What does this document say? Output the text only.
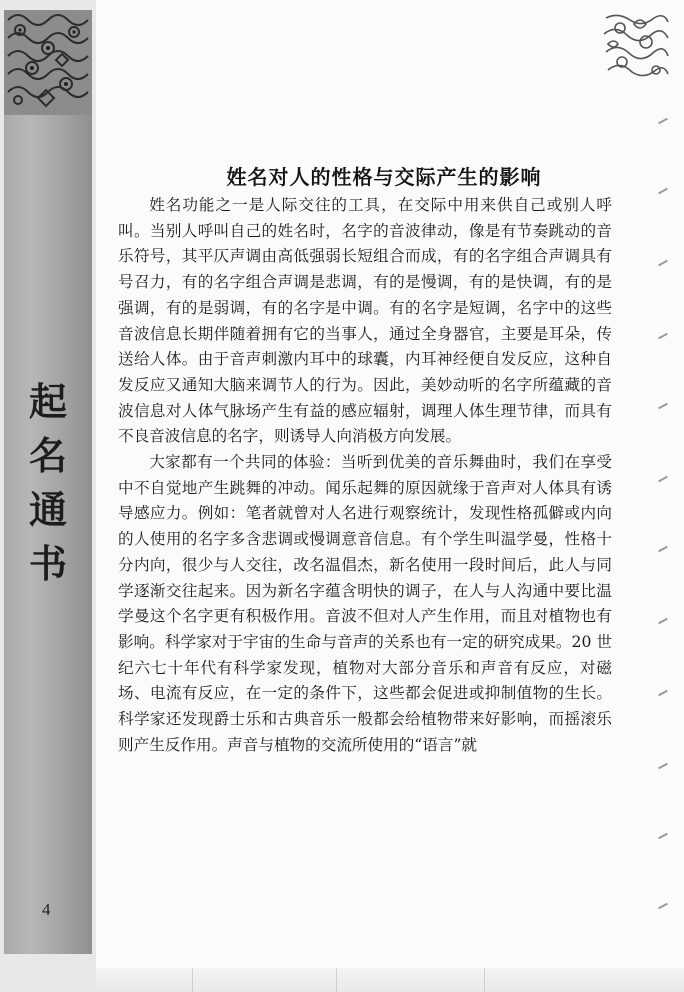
起
名
通
书
4
姓名对人的性格与交际产生的影响

姓名功能之一是人际交往的工具，在交际中用来供自己或别人呼叫。当别人呼叫自己的姓名时，名字的音波律动，像是有节奏跳动的音乐符号，其平仄声调由高低强弱长短组合而成，有的名字组合声调具有号召力，有的名字组合声调是悲调，有的是慢调，有的是快调，有的是强调，有的是弱调，有的名字是中调。有的名字是短调，名字中的这些音波信息长期伴随着拥有它的当事人，通过全身器官，主要是耳朵，传送给人体。由于音声刺激内耳中的球囊，内耳神经便自发反应，这种自发反应又通知大脑来调节人的行为。因此，美妙动听的名字所蕴藏的音波信息对人体气脉场产生有益的感应辐射，调理人体生理节律，而具有不良音波信息的名字，则诱导人向消极方向发展。

大家都有一个共同的体验：当听到优美的音乐舞曲时，我们在享受中不自觉地产生跳舞的冲动。闻乐起舞的原因就缘于音声对人体具有诱导感应力。例如：笔者就曾对人名进行观察统计，发现性格孤僻或内向的人使用的名字多含悲调或慢调意音信息。有个学生叫温学曼，性格十分内向，很少与人交往，改名温倡杰，新名使用一段时间后，此人与同学逐渐交往起来。因为新名字蕴含明快的调子，在人与人沟通中要比温学曼这个名字更有积极作用。音波不但对人产生作用，而且对植物也有影响。科学家对于宇宙的生命与音声的关系也有一定的研究成果。20 世纪六七十年代有科学家发现，植物对大部分音乐和声音有反应，对磁场、电流有反应，在一定的条件下，这些都会促进或抑制值物的生长。科学家还发现爵士乐和古典音乐一般都会给植物带来好影响，而摇滚乐则产生反作用。声音与植物的交流所使用的“语言”就
